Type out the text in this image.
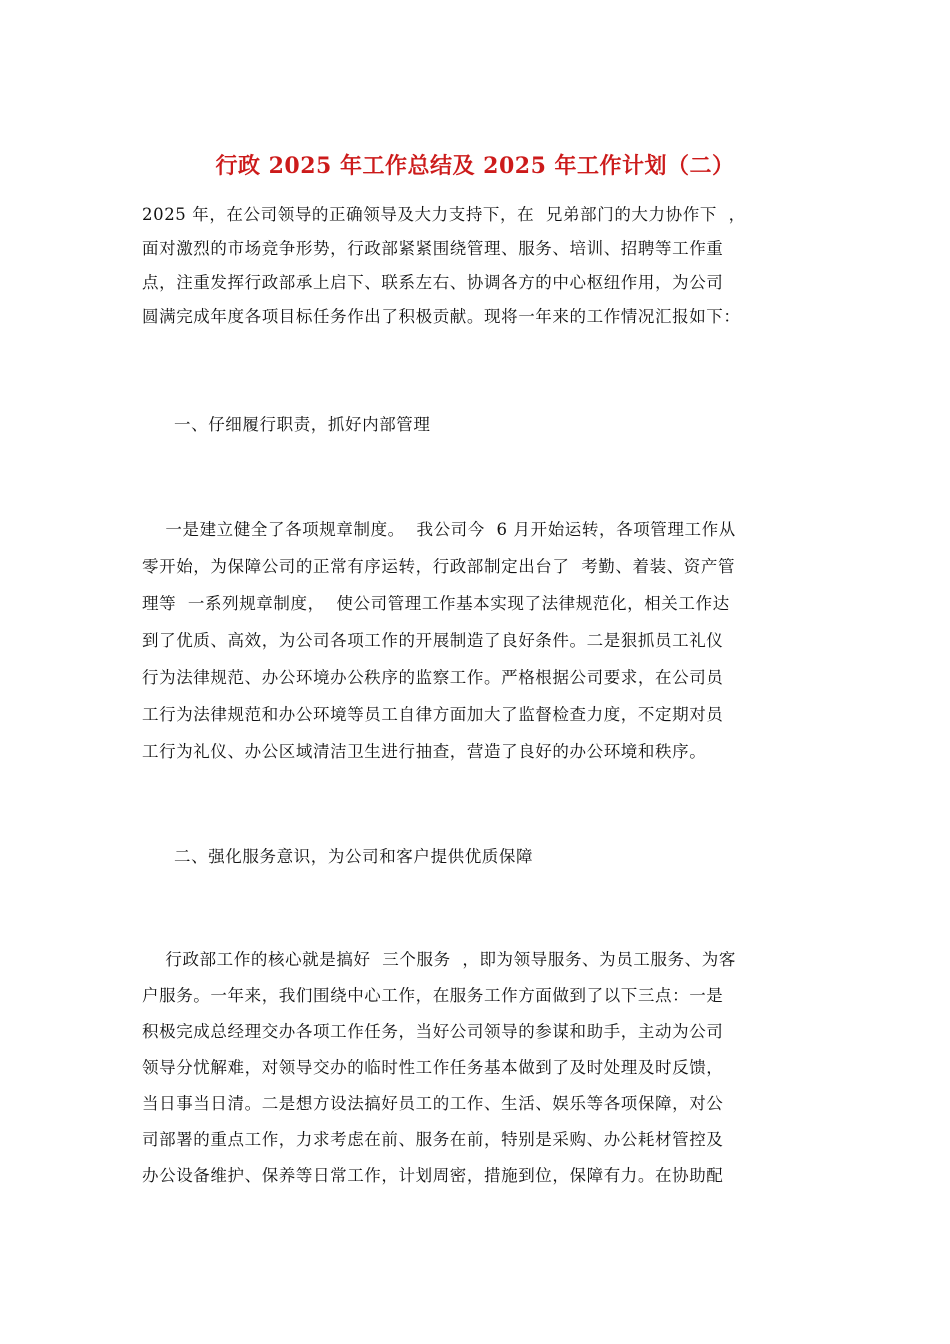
行政 2025 年工作总结及 2025 年工作计划（二）
2025 年，在公司领导的正确领导及大力支持下，在  兄弟部门的大力协作下  ，
面对激烈的市场竞争形势，行政部紧紧围绕管理、服务、培训、招聘等工作重
点，注重发挥行政部承上启下、联系左右、协调各方的中心枢纽作用，为公司
圆满完成年度各项目标任务作出了积极贡献。现将一年来的工作情况汇报如下：
一、仔细履行职责，抓好内部管理
一是建立健全了各项规章制度。  我公司今  6 月开始运转，各项管理工作从
零开始，为保障公司的正常有序运转，行政部制定出台了  考勤、着装、资产管
理等  一系列规章制度，  使公司管理工作基本实现了法律规范化，相关工作达
到了优质、高效，为公司各项工作的开展制造了良好条件。二是狠抓员工礼仪
行为法律规范、办公环境办公秩序的监察工作。严格根据公司要求，在公司员
工行为法律规范和办公环境等员工自律方面加大了监督检查力度，不定期对员
工行为礼仪、办公区域清洁卫生进行抽查，营造了良好的办公环境和秩序。
二、强化服务意识，为公司和客户提供优质保障
行政部工作的核心就是搞好  三个服务  ，即为领导服务、为员工服务、为客
户服务。一年来，我们围绕中心工作，在服务工作方面做到了以下三点：一是
积极完成总经理交办各项工作任务，当好公司领导的参谋和助手，主动为公司
领导分忧解难，对领导交办的临时性工作任务基本做到了及时处理及时反馈，
当日事当日清。二是想方设法搞好员工的工作、生活、娱乐等各项保障，对公
司部署的重点工作，力求考虑在前、服务在前，特别是采购、办公耗材管控及
办公设备维护、保养等日常工作，计划周密，措施到位，保障有力。在协助配
